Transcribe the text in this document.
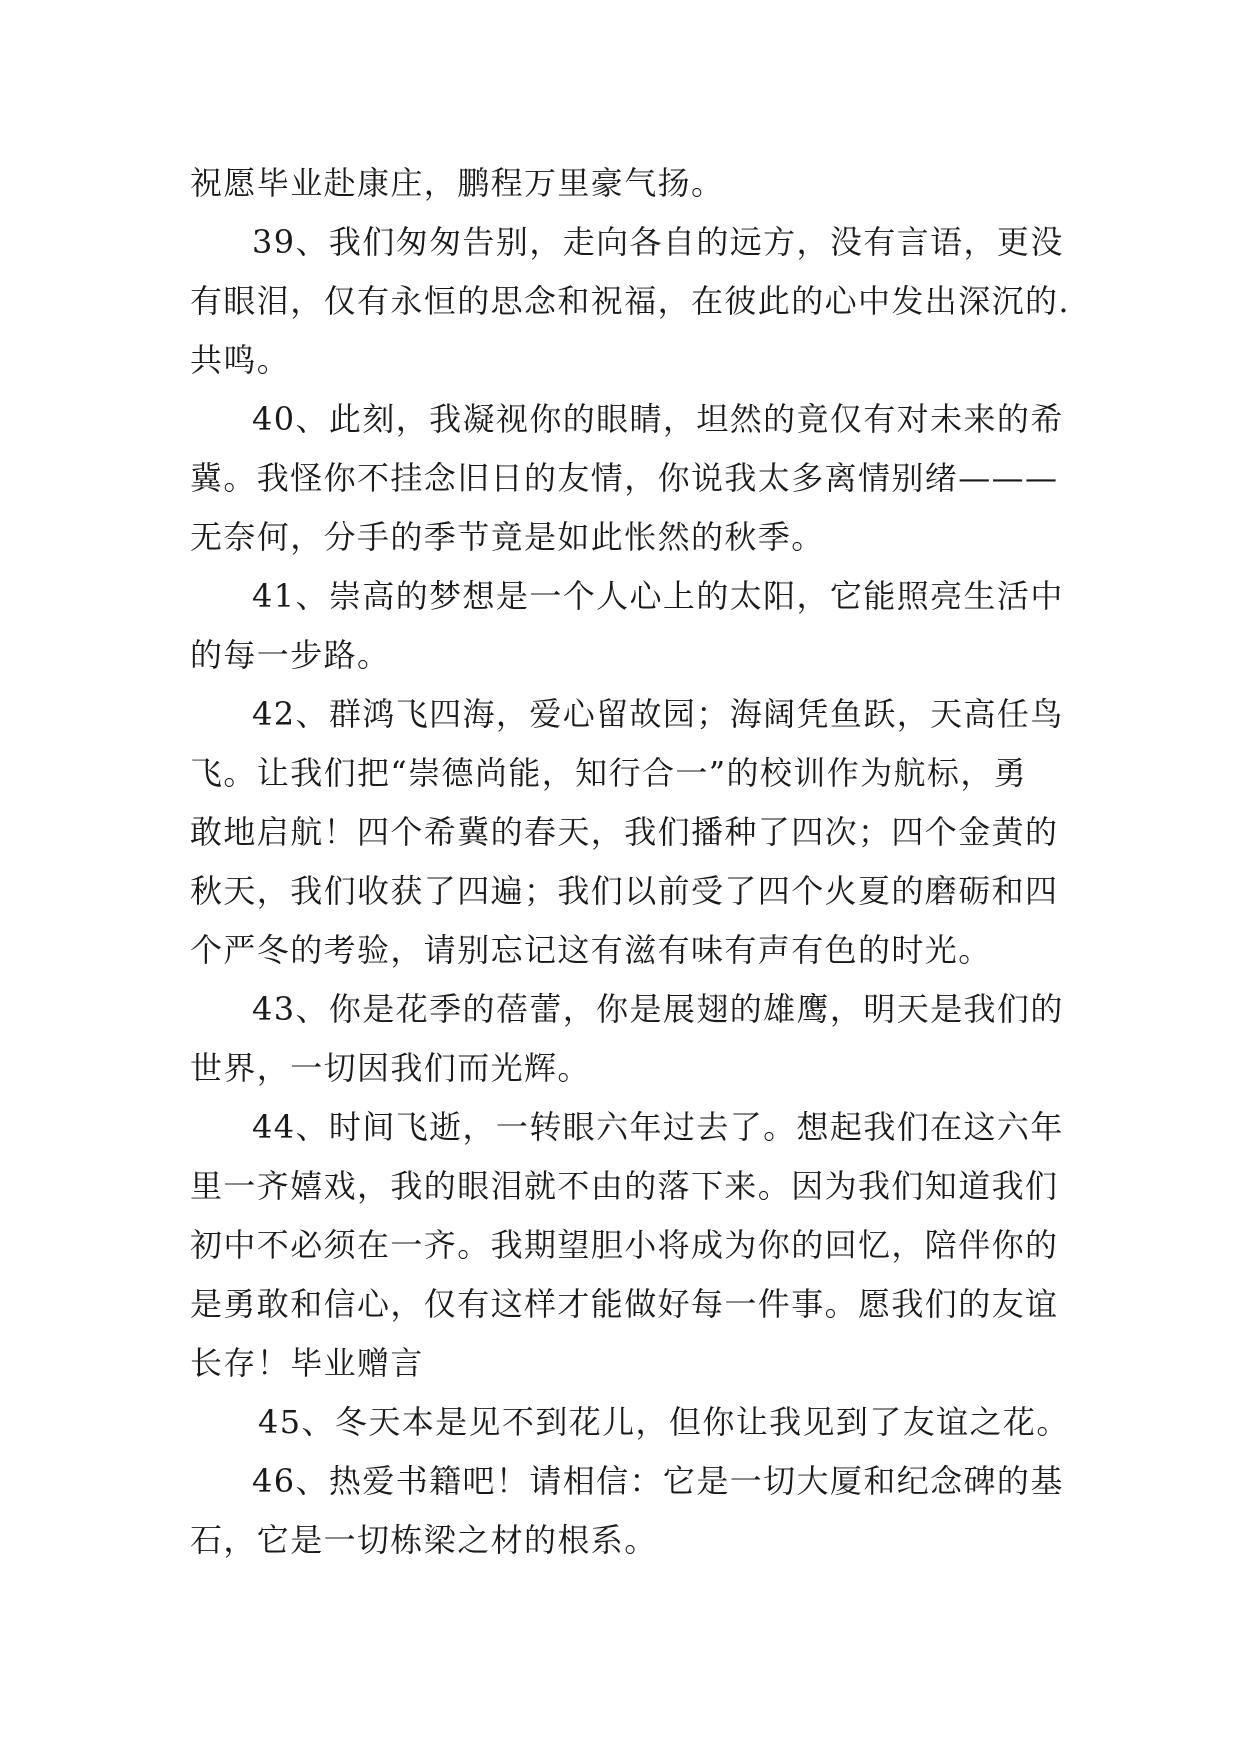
祝愿毕业赴康庄，鹏程万里豪气扬。
39、我们匆匆告别，走向各自的远方，没有言语，更没
有眼泪，仅有永恒的思念和祝福，在彼此的心中发出深沉的.
共鸣。
40、此刻，我凝视你的眼睛，坦然的竟仅有对未来的希
冀。我怪你不挂念旧日的友情，你说我太多离情别绪———
无奈何，分手的季节竟是如此怅然的秋季。
41、崇高的梦想是一个人心上的太阳，它能照亮生活中
的每一步路。
42、群鸿飞四海，爱心留故园；海阔凭鱼跃，天高任鸟
飞。让我们把“崇德尚能，知行合一”的校训作为航标，勇
敢地启航！四个希冀的春天，我们播种了四次；四个金黄的
秋天，我们收获了四遍；我们以前受了四个火夏的磨砺和四
个严冬的考验，请别忘记这有滋有味有声有色的时光。
43、你是花季的蓓蕾，你是展翅的雄鹰，明天是我们的
世界，一切因我们而光辉。
44、时间飞逝，一转眼六年过去了。想起我们在这六年
里一齐嬉戏，我的眼泪就不由的落下来。因为我们知道我们
初中不必须在一齐。我期望胆小将成为你的回忆，陪伴你的
是勇敢和信心，仅有这样才能做好每一件事。愿我们的友谊
长存！毕业赠言
45、冬天本是见不到花儿，但你让我见到了友谊之花。
46、热爱书籍吧！请相信：它是一切大厦和纪念碑的基
石，它是一切栋梁之材的根系。
